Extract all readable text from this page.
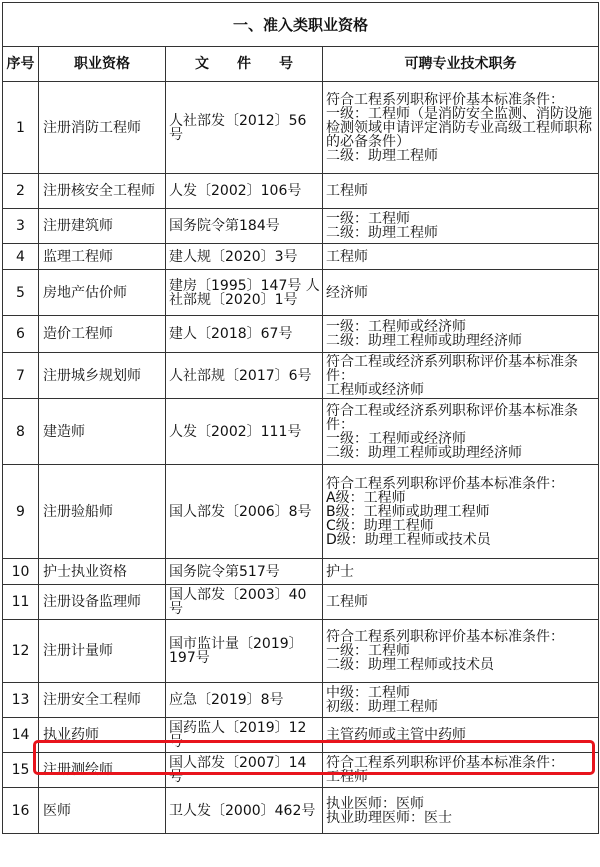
一、准入类职业资格			
序号	职业资格	文　　件　　号	可聘专业技术职务
1	注册消防工程师	人社部发〔2012〕56号	符合工程系列职称评价基本标准条件：
一级：工程师（是消防安全监测、消防设施检测领域申请评定消防专业高级工程师职称的必备条件）
二级：助理工程师

2	注册核安全工程师	人发〔2002〕106号	工程师

3	注册建筑师	国务院令第184号	一级：工程师
二级：助理工程师

4	监理工程师	建人规〔2020〕3号	工程师

5	房地产估价师	建房〔1995〕147号 人社部规〔2020〕1号	经济师

6	造价工程师	建人〔2018〕67号	一级：工程师或经济师
二级：助理工程师或助理经济师

7	注册城乡规划师	人社部规〔2017〕6号	符合工程或经济系列职称评价基本标准条件：
工程师或经济师

8	建造师	人发〔2002〕111号	符合工程或经济系列职称评价基本标准条件：
一级：工程师或经济师
二级：助理工程师或助理经济师

9	注册验船师	国人部发〔2006〕8号	符合工程系列职称评价基本标准条件：
A级：工程师
B级：工程师或助理工程师
C级：助理工程师
D级：助理工程师或技术员

10	护士执业资格	国务院令第517号	护士

11	注册设备监理师	国人部发〔2003〕40号	工程师

12	注册计量师	国市监计量〔2019〕197号	符合工程系列职称评价基本标准条件：
一级：工程师
二级：助理工程师或技术员

13	注册安全工程师	应急〔2019〕8号	中级：工程师
初级：助理工程师

14	执业药师	国药监人〔2019〕12号	主管药师或主管中药师

15	注册测绘师	国人部发〔2007〕14号	符合工程系列职称评价基本标准条件：
工程师

16	医师	卫人发〔2000〕462号	执业医师：医师
执业助理医师：医士
